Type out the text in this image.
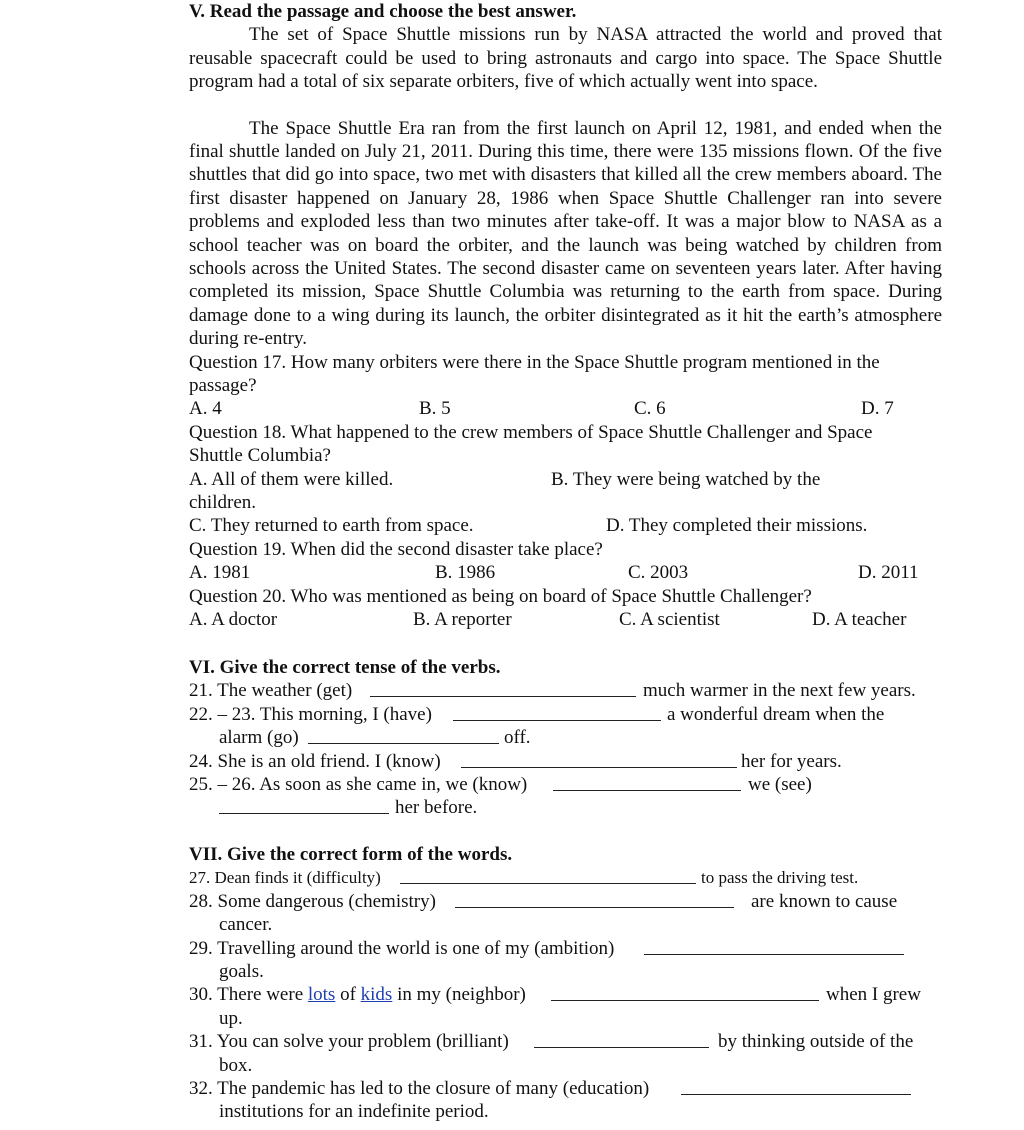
V. Read the passage and choose the best answer.

The set of Space Shuttle missions run by NASA attracted the world and proved that reusable spacecraft could be used to bring astronauts and cargo into space. The Space Shuttle program had a total of six separate orbiters, five of which actually went into space.

The Space Shuttle Era ran from the first launch on April 12, 1981, and ended when the final shuttle landed on July 21, 2011. During this time, there were 135 missions flown. Of the five shuttles that did go into space, two met with disasters that killed all the crew members aboard. The first disaster happened on January 28, 1986 when Space Shuttle Challenger ran into severe problems and exploded less than two minutes after take-off. It was a major blow to NASA as a school teacher was on board the orbiter, and the launch was being watched by children from schools across the United States. The second disaster came on seventeen years later. After having completed its mission, Space Shuttle Columbia was returning to the earth from space. During damage done to a wing during its launch, the orbiter disintegrated as it hit the earth’s atmosphere during re-entry.

Question 17. How many orbiters were there in the Space Shuttle program mentioned in the
passage?
A. 4	B. 5	C. 6	D. 7
Question 18. What happened to the crew members of Space Shuttle Challenger and Space
Shuttle Columbia?
A. All of them were killed.	B. They were being watched by the
children.
C. They returned to earth from space.	D. They completed their missions.
Question 19. When did the second disaster take place?
A. 1981	B. 1986	C. 2003	D. 2011
Question 20. Who was mentioned as being on board of Space Shuttle Challenger?
A. A doctor	B. A reporter	C. A scientist	D. A teacher
VI. Give the correct tense of the verbs.
21. The weather (get)	much warmer in the next few years.
22. – 23. This morning, I (have)	a wonderful dream when the
alarm (go)	off.
24. She is an old friend. I (know)	her for years.
25. – 26. As soon as she came in, we (know)	we (see)
her before.
VII. Give the correct form of the words.
27. Dean finds it (difficulty)	to pass the driving test.
28. Some dangerous (chemistry)	are known to cause
cancer.
29. Travelling around the world is one of my (ambition)
goals.
30. There were lots of kids in my (neighbor)	when I grew
up.
31. You can solve your problem (brilliant)	by thinking outside of the
box.
32. The pandemic has led to the closure of many (education)
institutions for an indefinite period.
